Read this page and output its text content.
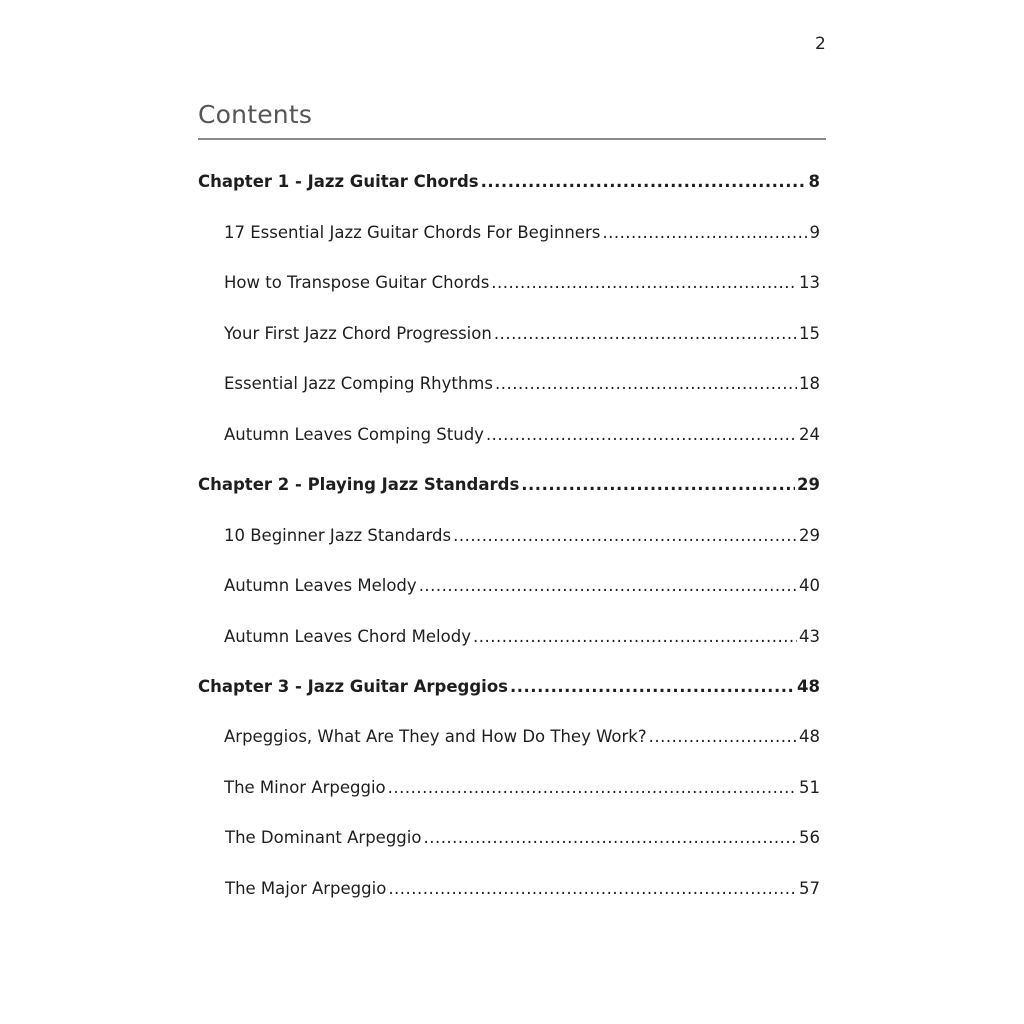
2
Contents
Chapter 1 - Jazz Guitar Chords .....	8
17 Essential Jazz Guitar Chords For Beginners .....	9
How to Transpose Guitar Chords .....	13
Your First Jazz Chord Progression .....	15
Essential Jazz Comping Rhythms .....	18
Autumn Leaves Comping Study .....	24
Chapter 2 - Playing Jazz Standards .....	29
10 Beginner Jazz Standards .....	29
Autumn Leaves Melody .....	40
Autumn Leaves Chord Melody .....	43
Chapter 3 - Jazz Guitar Arpeggios .....	48
Arpeggios, What Are They and How Do They Work? .....	48
The Minor Arpeggio .....	51
The Dominant Arpeggio .....	56
The Major Arpeggio .....	57
